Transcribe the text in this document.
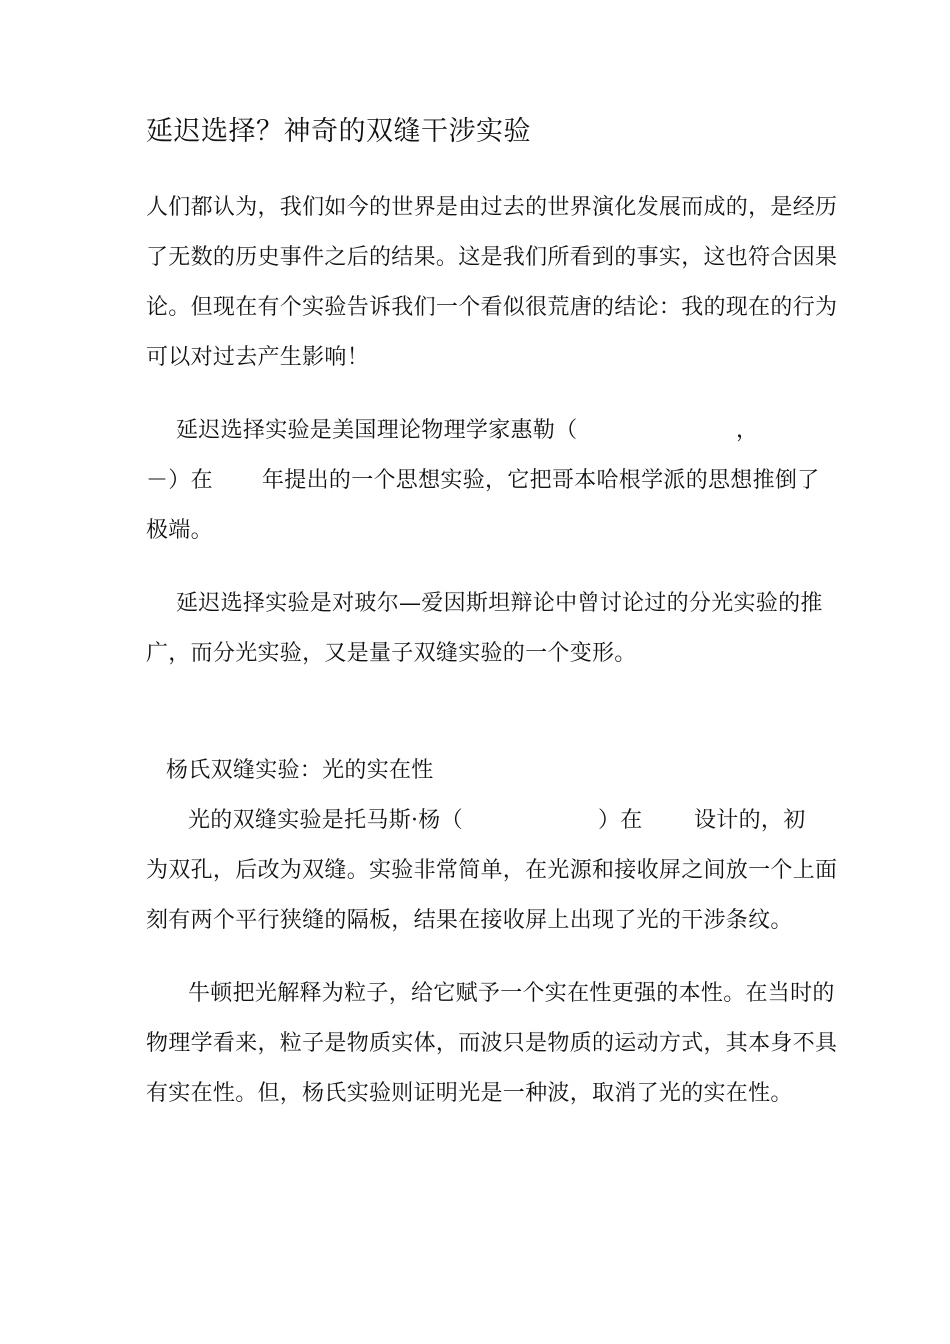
延迟选择？神奇的双缝干涉实验
人们都认为，我们如今的世界是由过去的世界演化发展而成的，是经历
了无数的历史事件之后的结果。这是我们所看到的事实，这也符合因果
论。但现在有个实验告诉我们一个看似很荒唐的结论：我的现在的行为
可以对过去产生影响！
延迟选择实验是美国理论物理学家惠勒（	，
－）在 年提出的一个思想实验，它把哥本哈根学派的思想推倒了
极端。
延迟选择实验是对玻尔—爱因斯坦辩论中曾讨论过的分光实验的推
广，而分光实验，又是量子双缝实验的一个变形。
杨氏双缝实验：光的实在性
光的双缝实验是托马斯·杨（	）在 设计的，初
为双孔，后改为双缝。实验非常简单，在光源和接收屏之间放一个上面
刻有两个平行狭缝的隔板，结果在接收屏上出现了光的干涉条纹。
牛顿把光解释为粒子，给它赋予一个实在性更强的本性。在当时的
物理学看来，粒子是物质实体，而波只是物质的运动方式，其本身不具
有实在性。但，杨氏实验则证明光是一种波，取消了光的实在性。
